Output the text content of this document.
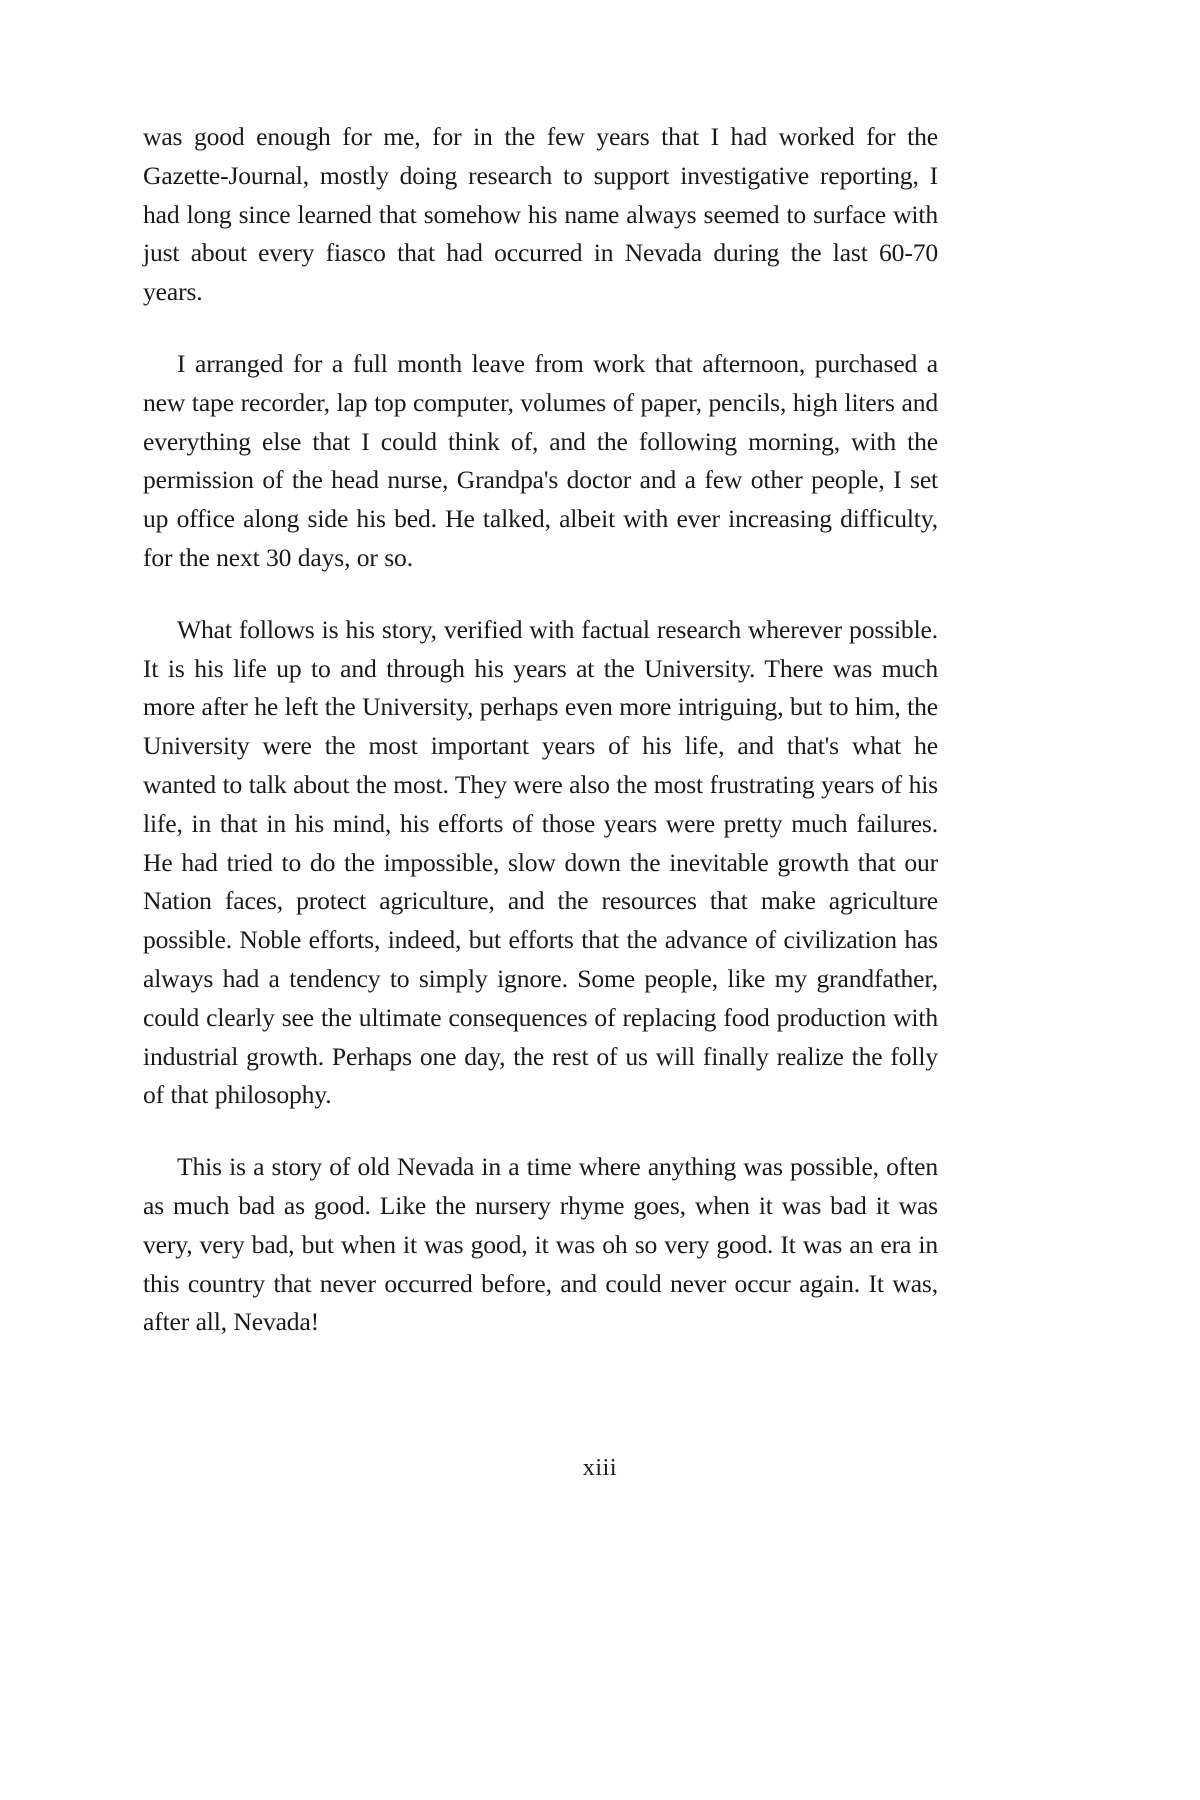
was good enough for me, for in the few years that I had worked for the Gazette-Journal, mostly doing research to support investigative reporting, I had long since learned that somehow his name always seemed to surface with just about every fiasco that had occurred in Nevada during the last 60-70 years.

I arranged for a full month leave from work that afternoon, purchased a new tape recorder, lap top computer, volumes of paper, pencils, high liters and everything else that I could think of, and the following morning, with the permission of the head nurse, Grandpa's doctor and a few other people, I set up office along side his bed. He talked, albeit with ever increasing difficulty, for the next 30 days, or so.

What follows is his story, verified with factual research wherever possible. It is his life up to and through his years at the University. There was much more after he left the University, perhaps even more intriguing, but to him, the University were the most important years of his life, and that's what he wanted to talk about the most. They were also the most frustrating years of his life, in that in his mind, his efforts of those years were pretty much failures. He had tried to do the impossible, slow down the inevitable growth that our Nation faces, protect agriculture, and the resources that make agriculture possible. Noble efforts, indeed, but efforts that the advance of civilization has always had a tendency to simply ignore. Some people, like my grandfather, could clearly see the ultimate consequences of replacing food production with industrial growth. Perhaps one day, the rest of us will finally realize the folly of that philosophy.

This is a story of old Nevada in a time where anything was possible, often as much bad as good. Like the nursery rhyme goes, when it was bad it was very, very bad, but when it was good, it was oh so very good. It was an era in this country that never occurred before, and could never occur again. It was, after all, Nevada!

xiii
